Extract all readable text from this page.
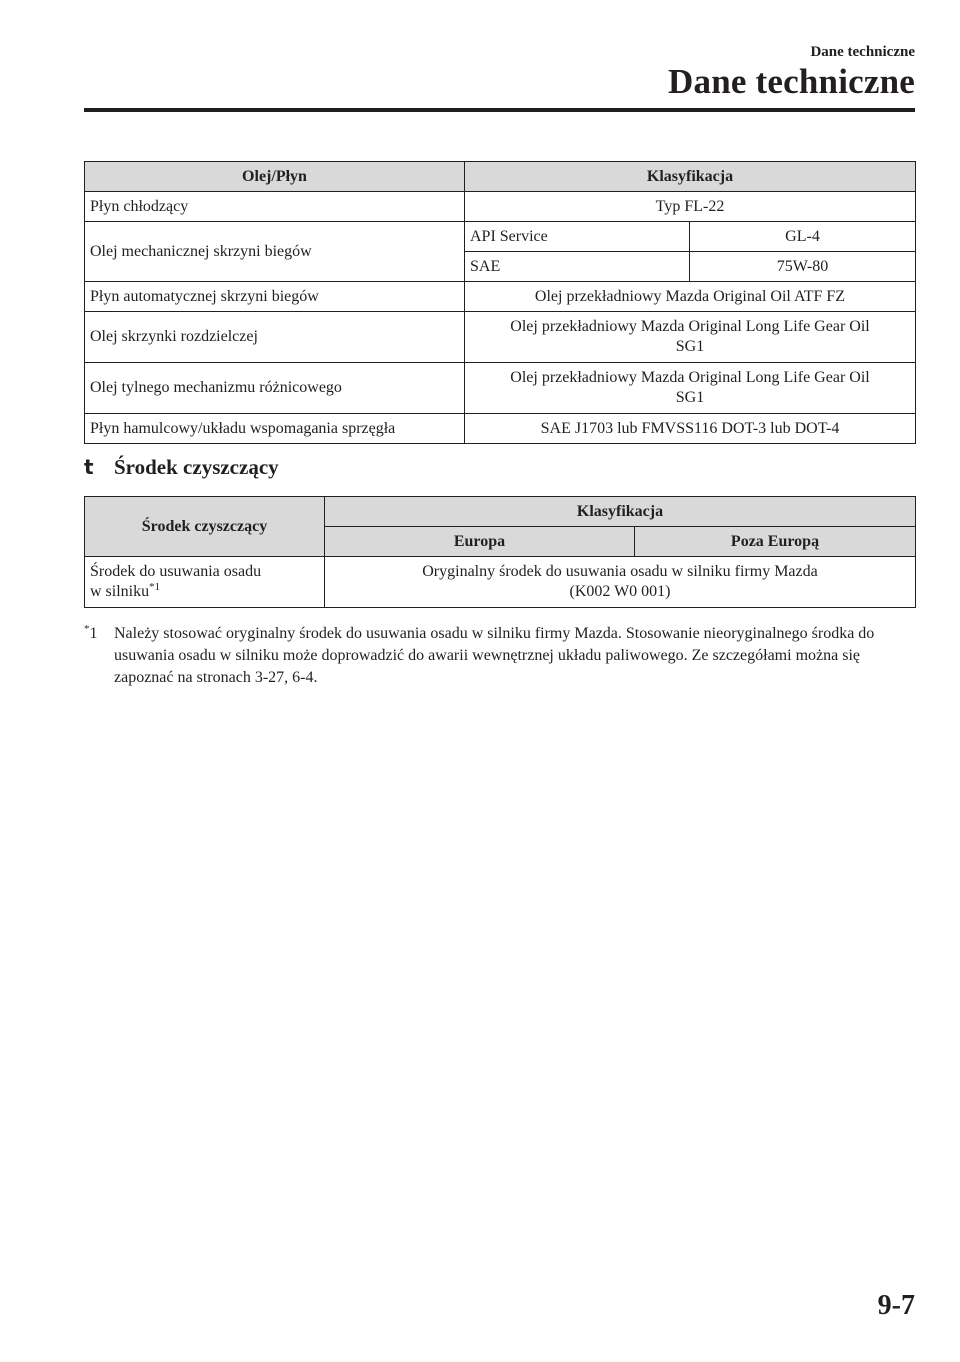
Dane techniczne
Dane techniczne
Olej/Płyn	Klasyfikacja	
Płyn chłodzący	Typ FL-22	
Olej mechanicznej skrzyni biegów	API Service	GL-4
	SAE	75W-80
Płyn automatycznej skrzyni biegów	Olej przekładniowy Mazda Original Oil ATF FZ	
Olej skrzynki rozdzielczej	Olej przekładniowy Mazda Original Long Life Gear Oil
SG1	
Olej tylnego mechanizmu różnicowego	Olej przekładniowy Mazda Original Long Life Gear Oil
SG1	
Płyn hamulcowy/układu wspomagania sprzęgła	SAE J1703 lub FMVSS116 DOT-3 lub DOT-4	
t Środek czyszczący
Środek czyszczący	Klasyfikacja	
	Europa	Poza Europą
Środek do usuwania osadu
w silniku$^{*1}$	Oryginalny środek do usuwania osadu w silniku firmy Mazda
(K002 W0 001)	
*1	Należy stosować oryginalny środek do usuwania osadu w silniku firmy Mazda. Stosowanie nieoryginalnego środka do usuwania osadu w silniku może doprowadzić do awarii wewnętrznej układu paliwowego. Ze szczegółami można się zapoznać na stronach 3-27, 6-4.
9-7
